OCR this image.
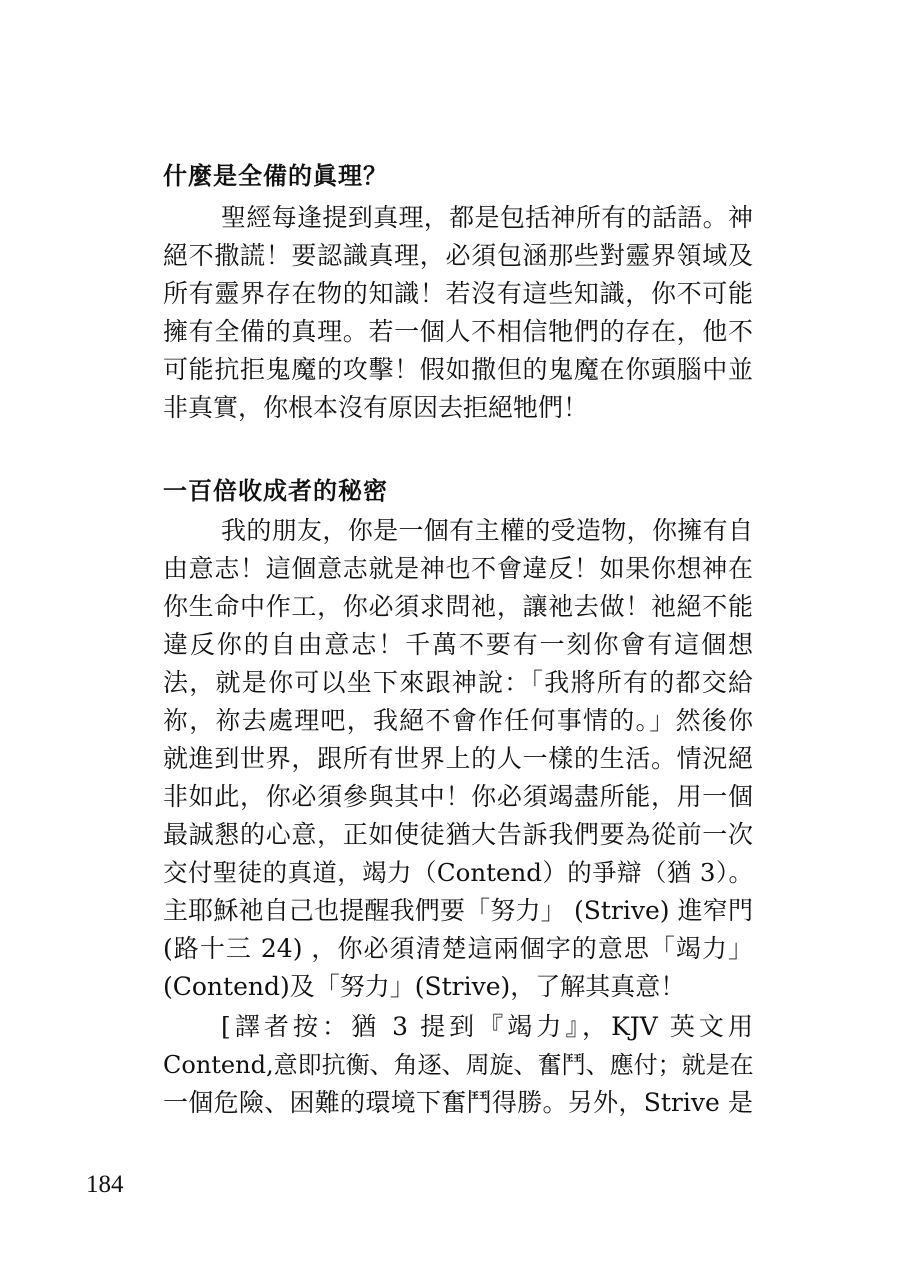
什麼是全備的眞理？
聖經每逢提到真理，都是包括神所有的話語。神
絕不撒謊！要認識真理，必須包涵那些對靈界領域及
所有靈界存在物的知識！若沒有這些知識，你不可能
擁有全備的真理。若一個人不相信牠們的存在，他不
可能抗拒鬼魔的攻擊！假如撒但的鬼魔在你頭腦中並
非真實，你根本沒有原因去拒絕牠們！
一百倍收成者的秘密
我的朋友，你是一個有主權的受造物，你擁有自
由意志！這個意志就是神也不會違反！如果你想神在
你生命中作工，你必須求問祂，讓祂去做！祂絕不能
違反你的自由意志！千萬不要有一刻你會有這個想
法，就是你可以坐下來跟神說：「我將所有的都交給
祢，祢去處理吧，我絕不會作任何事情的。」然後你
就進到世界，跟所有世界上的人一樣的生活。情況絕
非如此，你必須參與其中！你必須竭盡所能，用一個
最誠懇的心意，正如使徒猶大告訴我們要為從前一次
交付聖徒的真道，竭力（Contend）的爭辯（猶 3）。
主耶穌祂自己也提醒我們要「努力」 (Strive) 進窄門
(路十三 24) ，你必須清楚這兩個字的意思「竭力」
(Contend)及「努力」(Strive)，了解其真意！
[譯者按：猶 3 提到『竭力』，KJV 英文用
Contend,意即抗衡、角逐、周旋、奮鬥、應付；就是在
一個危險、困難的環境下奮鬥得勝。另外，Strive 是
184
